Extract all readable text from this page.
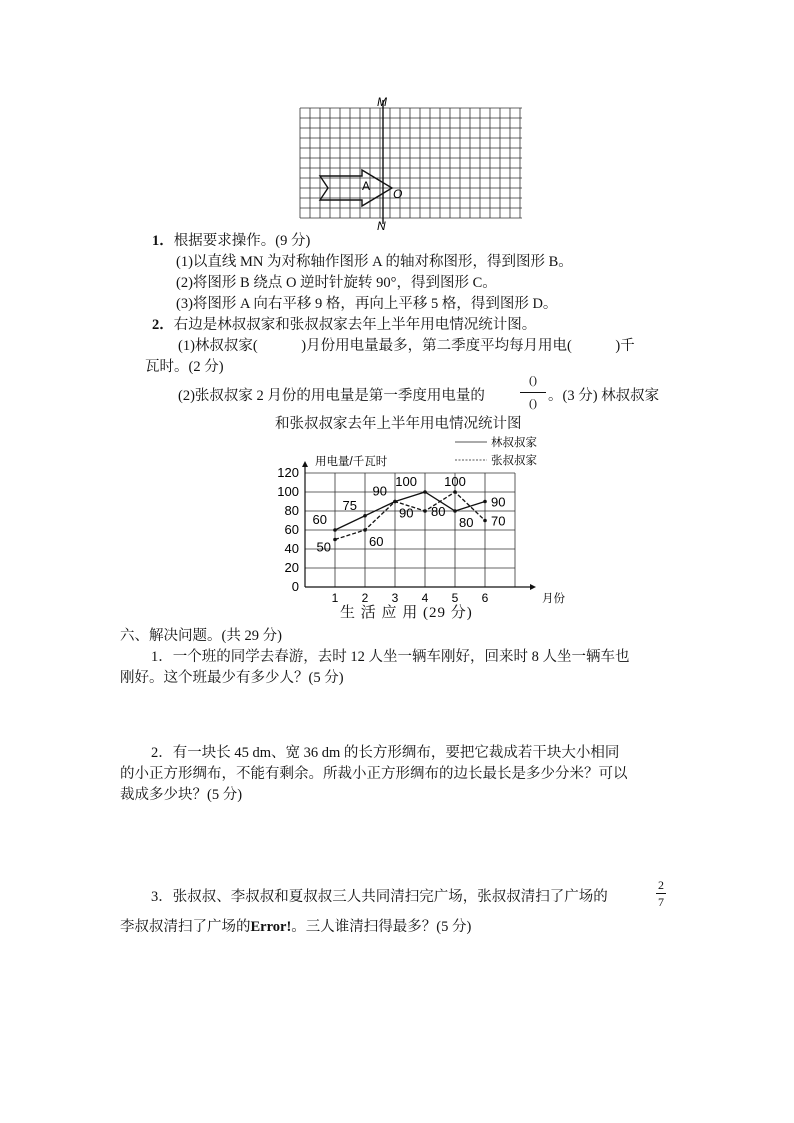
M
N
A
O
1．根据要求操作。(9 分)
(1)以直线 MN 为对称轴作图形 A 的轴对称图形，得到图形 B。
(2)将图形 B 绕点 O 逆时针旋转 90°，得到图形 C。
(3)将图形 A 向右平移 9 格，再向上平移 5 格，得到图形 D。
2．右边是林叔叔家和张叔叔家去年上半年用电情况统计图。
(1)林叔叔家(　　　)月份用电量最多，第二季度平均每月用电(　　　)千
瓦时。(2 分)
(2)张叔叔家 2 月份的用电量是第一季度用电量的
()
() 。(3 分) 林叔叔家
和张叔叔家去年上半年用电情况统计图
0
20
40
60
80
100
120
1 2 3 4 5 6	月份
用电量/千瓦时
60
75
90
100
80
90
50	60
90 80
100
70
林叔叔家
张叔叔家
生 活 应 用 (29 分)
六、解决问题。(共 29 分)
1．一个班的同学去春游，去时 12 人坐一辆车刚好，回来时 8 人坐一辆车也
刚好。这个班最少有多少人？(5 分)
2．有一块长 45 dm、宽 36 dm 的长方形绸布，要把它裁成若干块大小相同
的小正方形绸布，不能有剩余。所裁小正方形绸布的边长最长是多少分米？可以
裁成多少块？(5 分)
3．张叔叔、李叔叔和夏叔叔三人共同清扫完广场，张叔叔清扫了广场的
2
7
李叔叔清扫了广场的Error!。三人谁清扫得最多？(5 分)
